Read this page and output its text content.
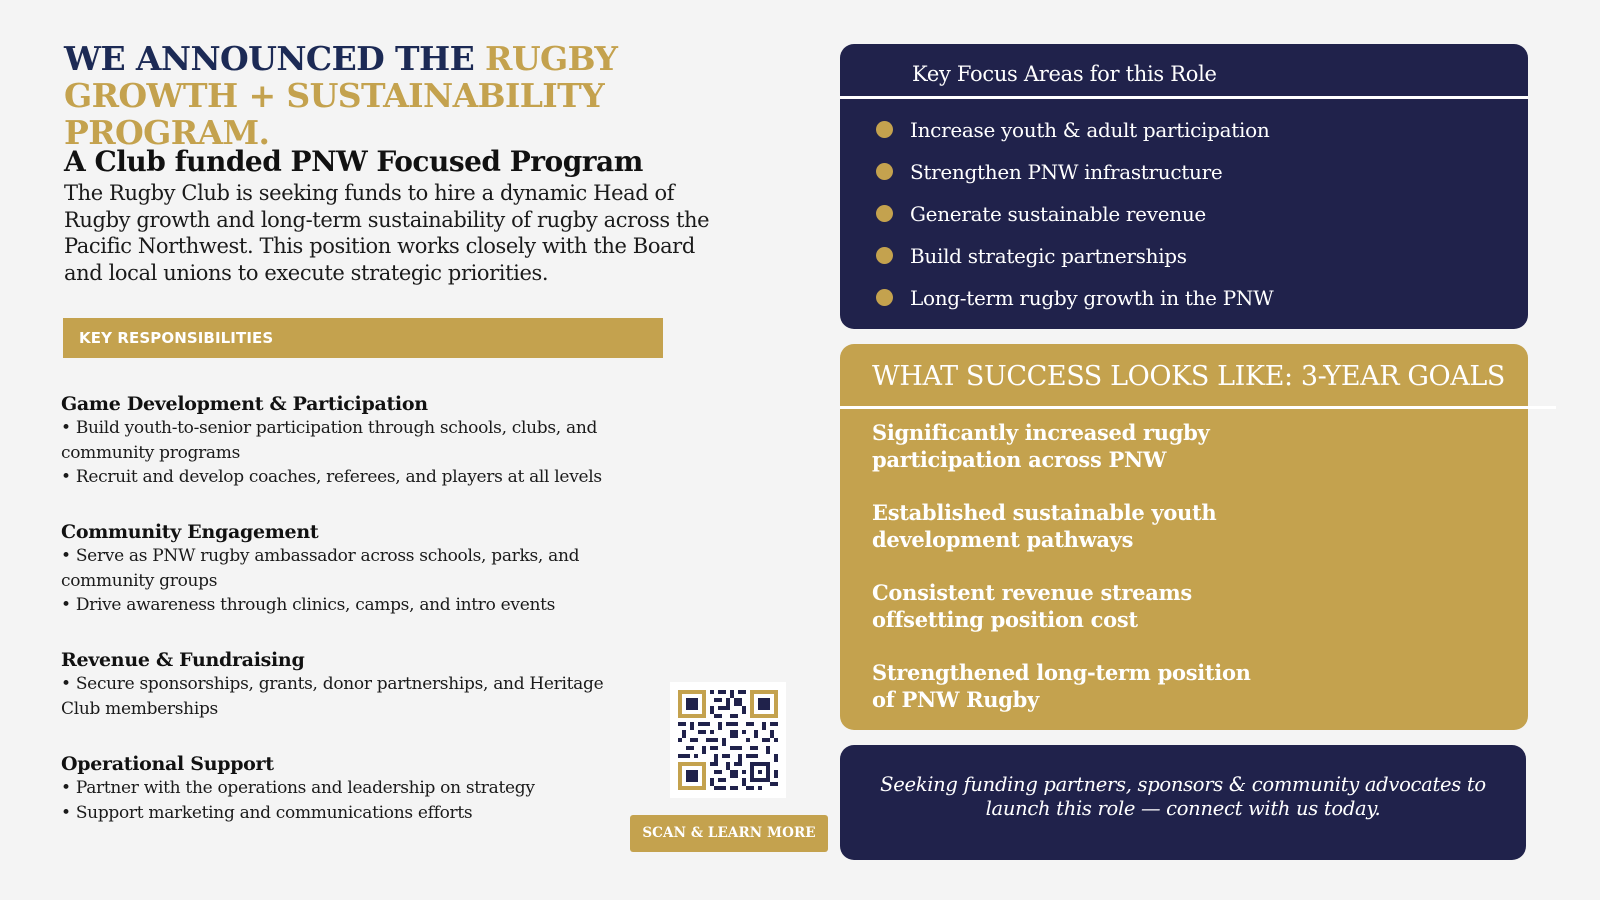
WE ANNOUNCED THE RUGBY GROWTH + SUSTAINABILITY PROGRAM.
A Club funded PNW Focused Program
The Rugby Club is seeking funds to hire a dynamic Head of Rugby growth and long-term sustainability of rugby across the Pacific Northwest. This position works closely with the Board and local unions to execute strategic priorities.
KEY RESPONSIBILITIES
Game Development & Participation
• Build youth-to-senior participation through schools, clubs, and community programs
• Recruit and develop coaches, referees, and players at all levels
Community Engagement
• Serve as PNW rugby ambassador across schools, parks, and community groups
• Drive awareness through clinics, camps, and intro events
Revenue & Fundraising
• Secure sponsorships, grants, donor partnerships, and Heritage Club memberships
Operational Support
• Partner with the operations and leadership on strategy
• Support marketing and communications efforts
SCAN & LEARN MORE
Key Focus Areas for this Role
Increase youth & adult participation
Strengthen PNW infrastructure
Generate sustainable revenue
Build strategic partnerships
Long-term rugby growth in the PNW
WHAT SUCCESS LOOKS LIKE: 3-YEAR GOALS
Significantly increased rugby participation across PNW
Established sustainable youth development pathways
Consistent revenue streams offsetting position cost
Strengthened long-term position of PNW Rugby
Seeking funding partners, sponsors & community advocates to launch this role — connect with us today.
